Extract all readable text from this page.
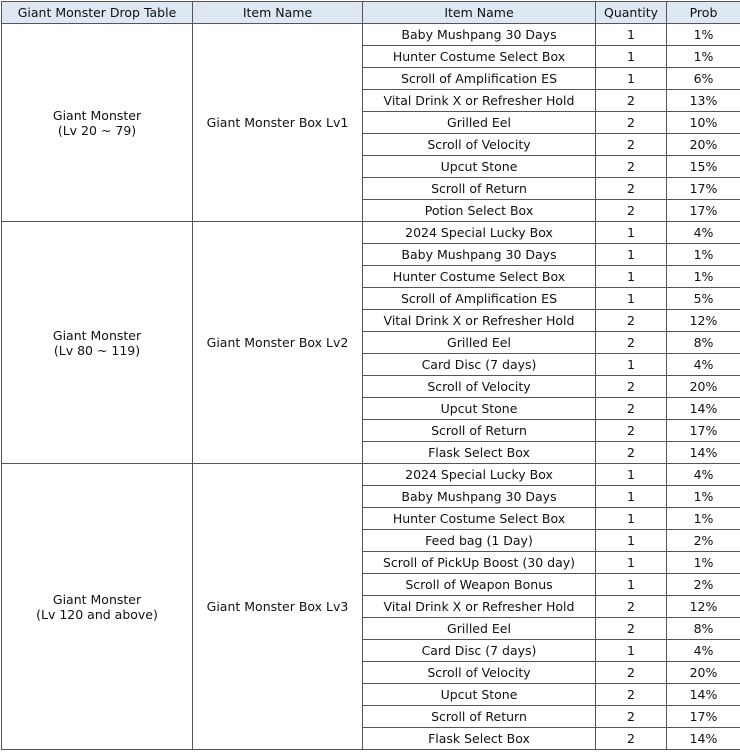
Giant Monster Drop Table	Item Name	Item Name	Quantity	Prob

Giant Monster
(Lv 20 ~ 79)	Giant Monster Box Lv1	Baby Mushpang 30 Days	1	1%
		Hunter Costume Select Box	1	1%
		Scroll of Amplification ES	1	6%
		Vital Drink X or Refresher Hold	2	13%
		Grilled Eel	2	10%
		Scroll of Velocity	2	20%
		Upcut Stone	2	15%
		Scroll of Return	2	17%
		Potion Select Box	2	17%

Giant Monster
(Lv 80 ~ 119)	Giant Monster Box Lv2	2024 Special Lucky Box	1	4%
		Baby Mushpang 30 Days	1	1%
		Hunter Costume Select Box	1	1%
		Scroll of Amplification ES	1	5%
		Vital Drink X or Refresher Hold	2	12%
		Grilled Eel	2	8%
		Card Disc (7 days)	1	4%
		Scroll of Velocity	2	20%
		Upcut Stone	2	14%
		Scroll of Return	2	17%
		Flask Select Box	2	14%

Giant Monster
(Lv 120 and above)	Giant Monster Box Lv3	2024 Special Lucky Box	1	4%
		Baby Mushpang 30 Days	1	1%
		Hunter Costume Select Box	1	1%
		Feed bag (1 Day)	1	2%
		Scroll of PickUp Boost (30 day)	1	1%
		Scroll of Weapon Bonus	1	2%
		Vital Drink X or Refresher Hold	2	12%
		Grilled Eel	2	8%
		Card Disc (7 days)	1	4%
		Scroll of Velocity	2	20%
		Upcut Stone	2	14%
		Scroll of Return	2	17%
		Flask Select Box	2	14%
